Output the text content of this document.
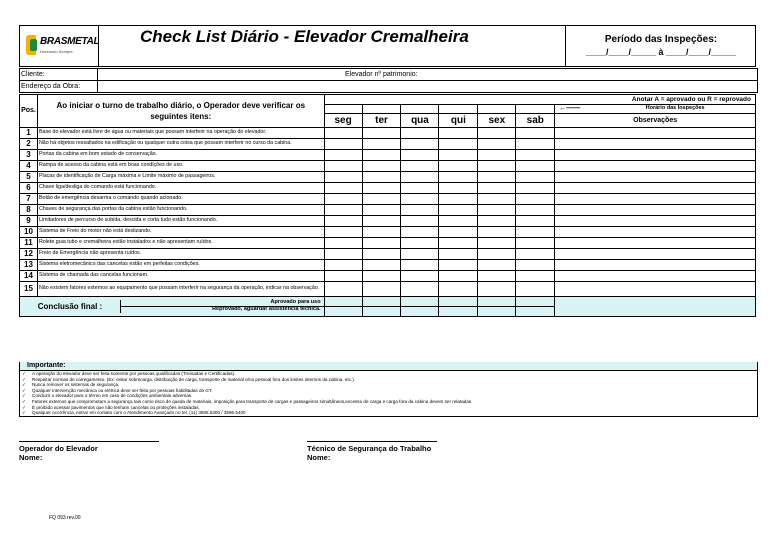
BRASMETAL
Honrando Sempre
Check List Diário - Elevador Cremalheira	Período das Inspeções:
____/____/_____ à ____/____/_____
Cliente:	Elevador nº patrimonio:
Endereço da Obra:
Pos.	Ao iniciar o turno de trabalho diário, o Operador deve verificar os seguintes itens:	Anotar A = aprovado ou R = reprovado						

								←—— Horário das Inspeções
		seg	ter	qua	qui	sex	sab	Observações
1	Base do elevador está livre de água ou materiais que possam interferir na operação do elevador.							
2	Não há objetos ressaltados na edificação ou qualquer outra coisa que possam interferir no curso da cabina.							
3	Portas da cabina em bom estado de conservação.							
4	Rampa de acesso da cabina está em boas condições de uso.							
5	Placas de identificação de Carga máxima e Limite máximo de passageiros.							
6	Chave liga/desliga do comando está funcionando.							
7	Botão de emergência desarma o comando quando acionado.							
8	Chaves de segurança das portas da cabina estão funcionando.							
9	Limitadores de percurso de subida, descida e corta tudo estão funcionando.							
10	Sistema de Freio do motor não está deslizando.							
11	Rolete guia tubo e cremalheira estão instalados e não apresentam ruídos.							
12	Freio de Emergência não apresenta ruídos.							
13	Sistema eletromecânico das cancelas estão em perfeitas condições.							
14	Sistema de chamada das cancelas funcionam.							
15	Não existem fatores externos ao equipamento que possam interferir na segurança da operação, indicar na observação.							

Conclusão final : Aprovado para uso
Reprovado, aguardar assistência técnica.								

Importante:
✓ A operação do elevador deve ser feita somente por pessoas qualificadas (Treinadas e Certificadas).
✓ Respeitar normas de carregamento. (Ex: evitar sobrecarga, distribuição de carga, transporte de material e/ou pessoal fora dos limites internos da cabina, etc.).
✓ Nunca remover os sistemas de segurança.
✓ Qualquer intervenção mecânica ou elétrica deve ser feita por pessoas habilitadas do GT.
✓ Conduzir o elevador para o térreo em caso de condições ambientais adversas.
✓ Fatores externos que comprometam a segurança tais como risco de queda de materiais, imposição para transporte de cargas e passageiros simultâneos,excesso de carga e carga fora da cabina devem ser relatadas.
✓ É proibido acessar pavimentos que não tenham cancelas ou proteções instaladas.
✓ Qualquer ocorrência, entrar em contato com o Atendimento Avançado no tel. (11) 3596.5300 / 3596.5400
Operador do Elevador
Nome:
Técnico de Segurança do Trabalho
Nome:
FQ 093 rev.00
